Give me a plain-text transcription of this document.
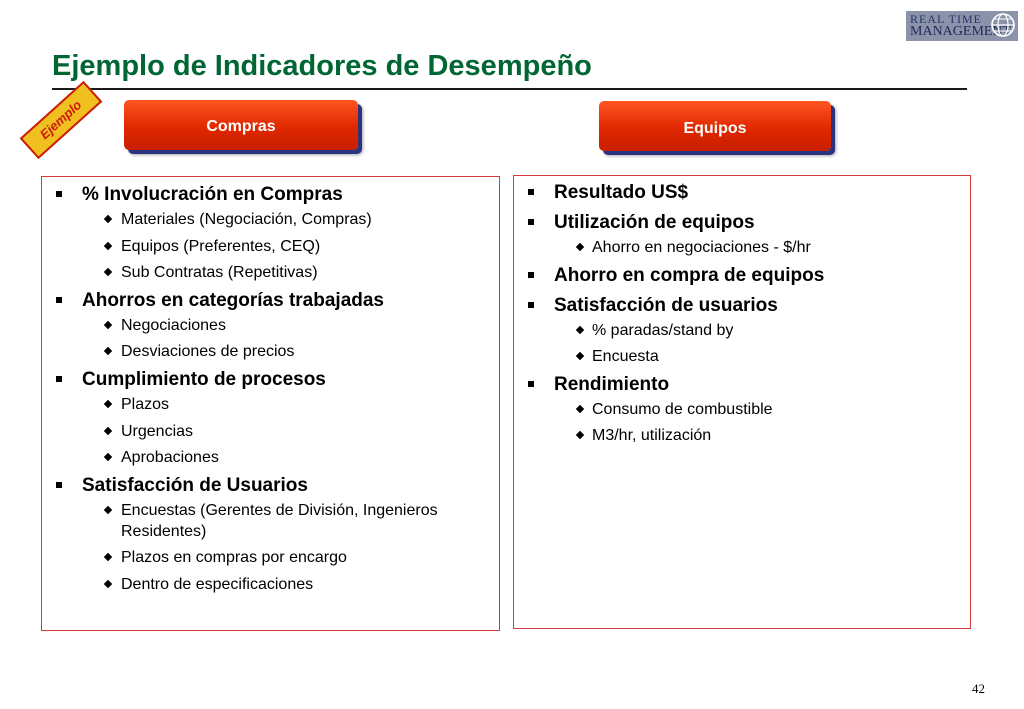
Ejemplo de Indicadores de Desempeño
REAL TIME
MANAGEMENT
Ejemplo	Compras	Equipos
% Involucración en Compras
Materiales (Negociación, Compras)
Equipos (Preferentes, CEQ)
Sub Contratas (Repetitivas)
Ahorros en categorías trabajadas
Negociaciones
Desviaciones de precios
Cumplimiento de procesos
Plazos
Urgencias
Aprobaciones
Satisfacción de Usuarios
Encuestas (Gerentes de División, Ingenieros Residentes)
Plazos en compras por encargo
Dentro de especificaciones
Resultado US$
Utilización de equipos
Ahorro en negociaciones - $/hr
Ahorro en compra de equipos
Satisfacción de usuarios
% paradas/stand by
Encuesta
Rendimiento
Consumo de combustible
M3/hr, utilización
42
